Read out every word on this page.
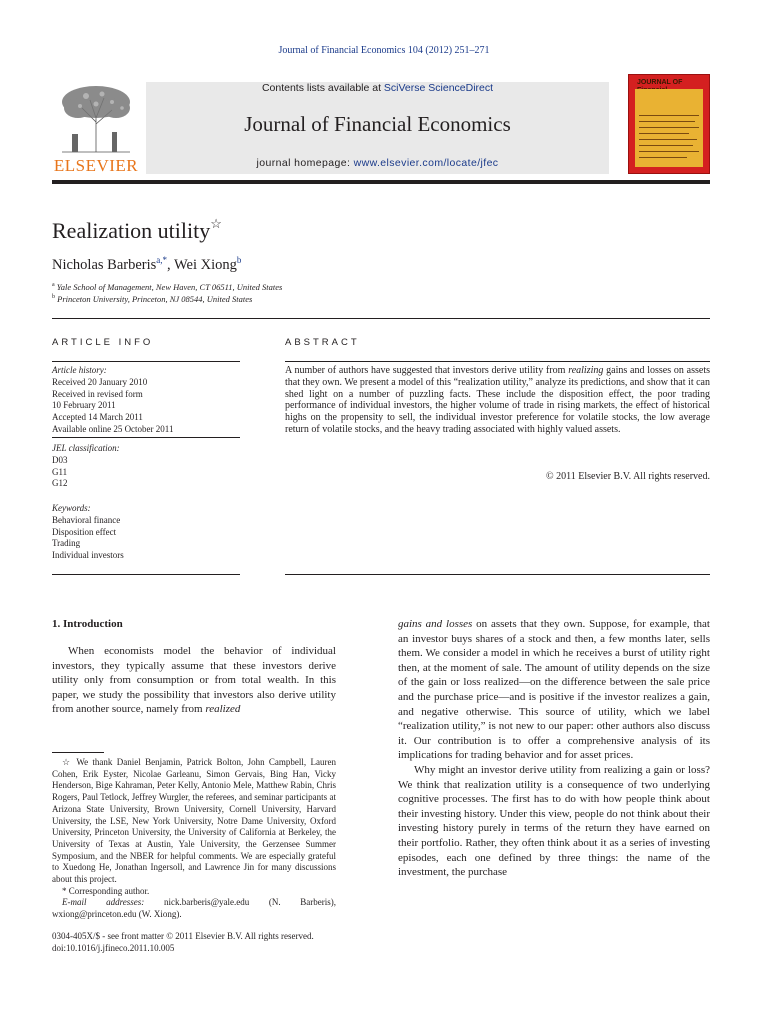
Journal of Financial Economics 104 (2012) 251–271
ELSEVIER
Contents lists available at SciVerse ScienceDirect
Journal of Financial Economics
journal homepage: www.elsevier.com/locate/jfec
JOURNAL OF
Realization utility☆
Nicholas Barberis$^{a,*}$, Wei Xiong$^b$
$^a$ Yale School of Management, New Haven, CT 06511, United States
$^b$ Princeton University, Princeton, NJ 08544, United States
ARTICLE INFO	ABSTRACT
Article history:
Received 20 January 2010
Received in revised form
10 February 2011
Accepted 14 March 2011
Available online 25 October 2011
JEL classification:
D03
G11
G12
Keywords:
Behavioral finance
Disposition effect
Trading
Individual investors
A number of authors have suggested that investors derive utility from realizing gains and losses on assets that they own. We present a model of this “realization utility,” analyze its predictions, and show that it can shed light on a number of puzzling facts. These include the disposition effect, the poor trading performance of individual investors, the higher volume of trade in rising markets, the effect of historical highs on the propensity to sell, the individual investor preference for volatile stocks, the low average return of volatile stocks, and the heavy trading associated with highly valued assets.
© 2011 Elsevier B.V. All rights reserved.
1. Introduction
When economists model the behavior of individual investors, they typically assume that these investors derive utility only from consumption or from total wealth. In this paper, we study the possibility that investors also derive utility from another source, namely from realized

☆ We thank Daniel Benjamin, Patrick Bolton, John Campbell, Lauren Cohen, Erik Eyster, Nicolae Garleanu, Simon Gervais, Bing Han, Vicky Henderson, Bige Kahraman, Peter Kelly, Antonio Mele, Matthew Rabin, Chris Rogers, Paul Tetlock, Jeffrey Wurgler, the referees, and seminar participants at Arizona State University, Brown University, Cornell University, Harvard University, the LSE, New York University, Notre Dame University, Oxford University, Princeton University, the University of California at Berkeley, the University of Texas at Austin, Yale University, the Gerzensee Summer Symposium, and the NBER for helpful comments. We are especially grateful to Xuedong He, Jonathan Ingersoll, and Lawrence Jin for many discussions about this project.

* Corresponding author.

E-mail addresses: nick.barberis@yale.edu (N. Barberis), wxiong@princeton.edu (W. Xiong).

0304-405X/$ - see front matter © 2011 Elsevier B.V. All rights reserved.
doi:10.1016/j.jfineco.2011.10.005

gains and losses on assets that they own. Suppose, for example, that an investor buys shares of a stock and then, a few months later, sells them. We consider a model in which he receives a burst of utility right then, at the moment of sale. The amount of utility depends on the size of the gain or loss realized—on the difference between the sale price and the purchase price—and is positive if the investor realizes a gain, and negative otherwise. This source of utility, which we label “realization utility,” is not new to our paper: other authors also discuss it. Our contribution is to offer a comprehensive analysis of its implications for trading behavior and for asset prices.

Why might an investor derive utility from realizing a gain or loss? We think that realization utility is a consequence of two underlying cognitive processes. The first has to do with how people think about their investing history. Under this view, people do not think about their investing history purely in terms of the return they have earned on their portfolio. Rather, they often think about it as a series of investing episodes, each one defined by three things: the name of the investment, the purchase
